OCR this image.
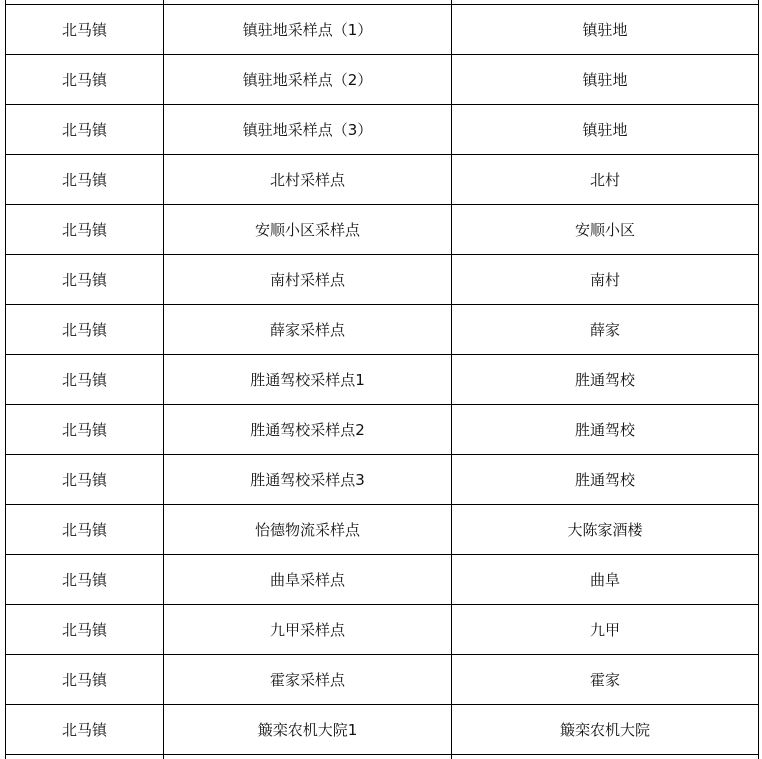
北马镇	镇驻地采样点（1）	镇驻地
北马镇	镇驻地采样点（2）	镇驻地
北马镇	镇驻地采样点（3）	镇驻地
北马镇	北村采样点	北村
北马镇	安顺小区采样点	安顺小区
北马镇	南村采样点	南村
北马镇	薛家采样点	薛家
北马镇	胜通驾校采样点1	胜通驾校
北马镇	胜通驾校采样点2	胜通驾校
北马镇	胜通驾校采样点3	胜通驾校
北马镇	怡德物流采样点	大陈家酒楼
北马镇	曲阜采样点	曲阜
北马镇	九甲采样点	九甲
北马镇	霍家采样点	霍家
北马镇	簸栾农机大院1	簸栾农机大院
